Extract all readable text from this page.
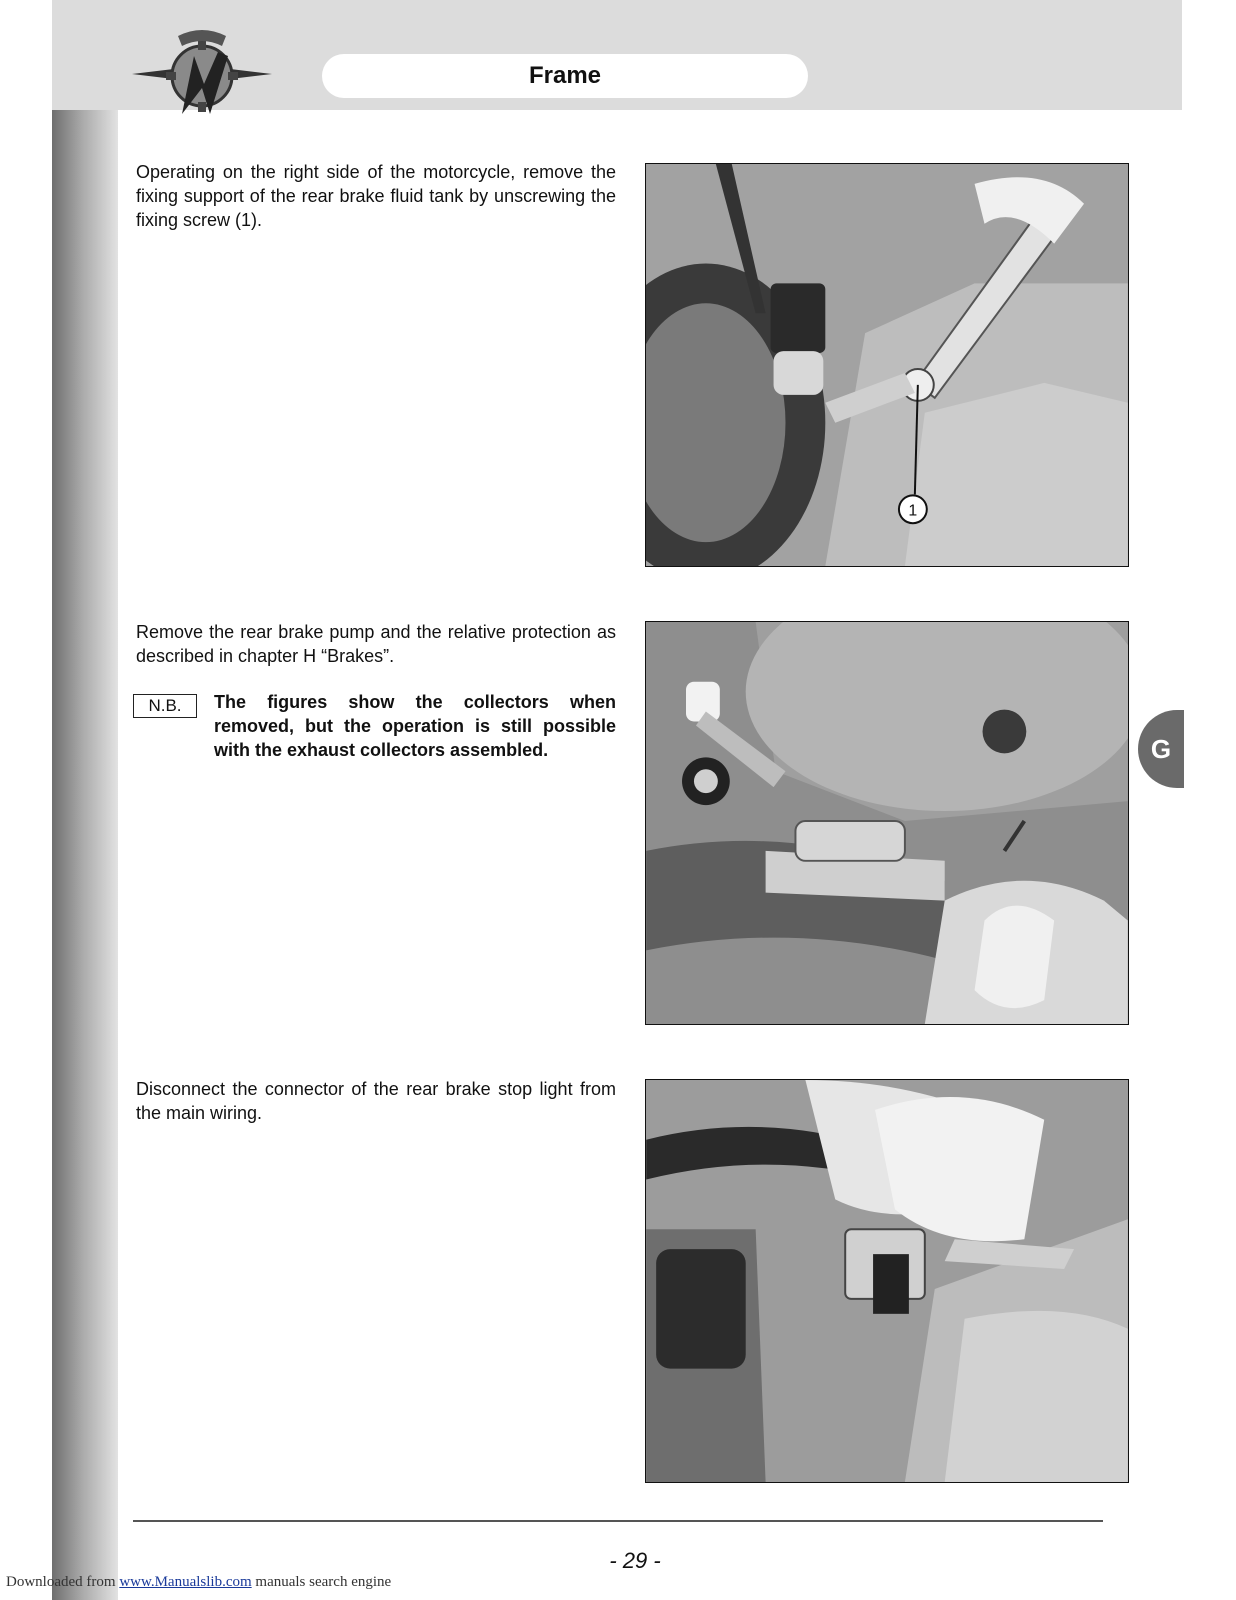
Frame

Operating on the right side of the motorcycle, remove the fixing support of the rear brake fluid tank by unscrewing the fixing screw (1).

1

Remove the rear brake pump and the relative protection as described in chapter H “Brakes”.

N.B.	The figures show the collectors when removed, but the operation is still possible with the exhaust collectors assembled.

Disconnect the connector of the rear brake stop light from the main wiring.

G
- 29 -
Downloaded from www.Manualslib.com manuals search engine
